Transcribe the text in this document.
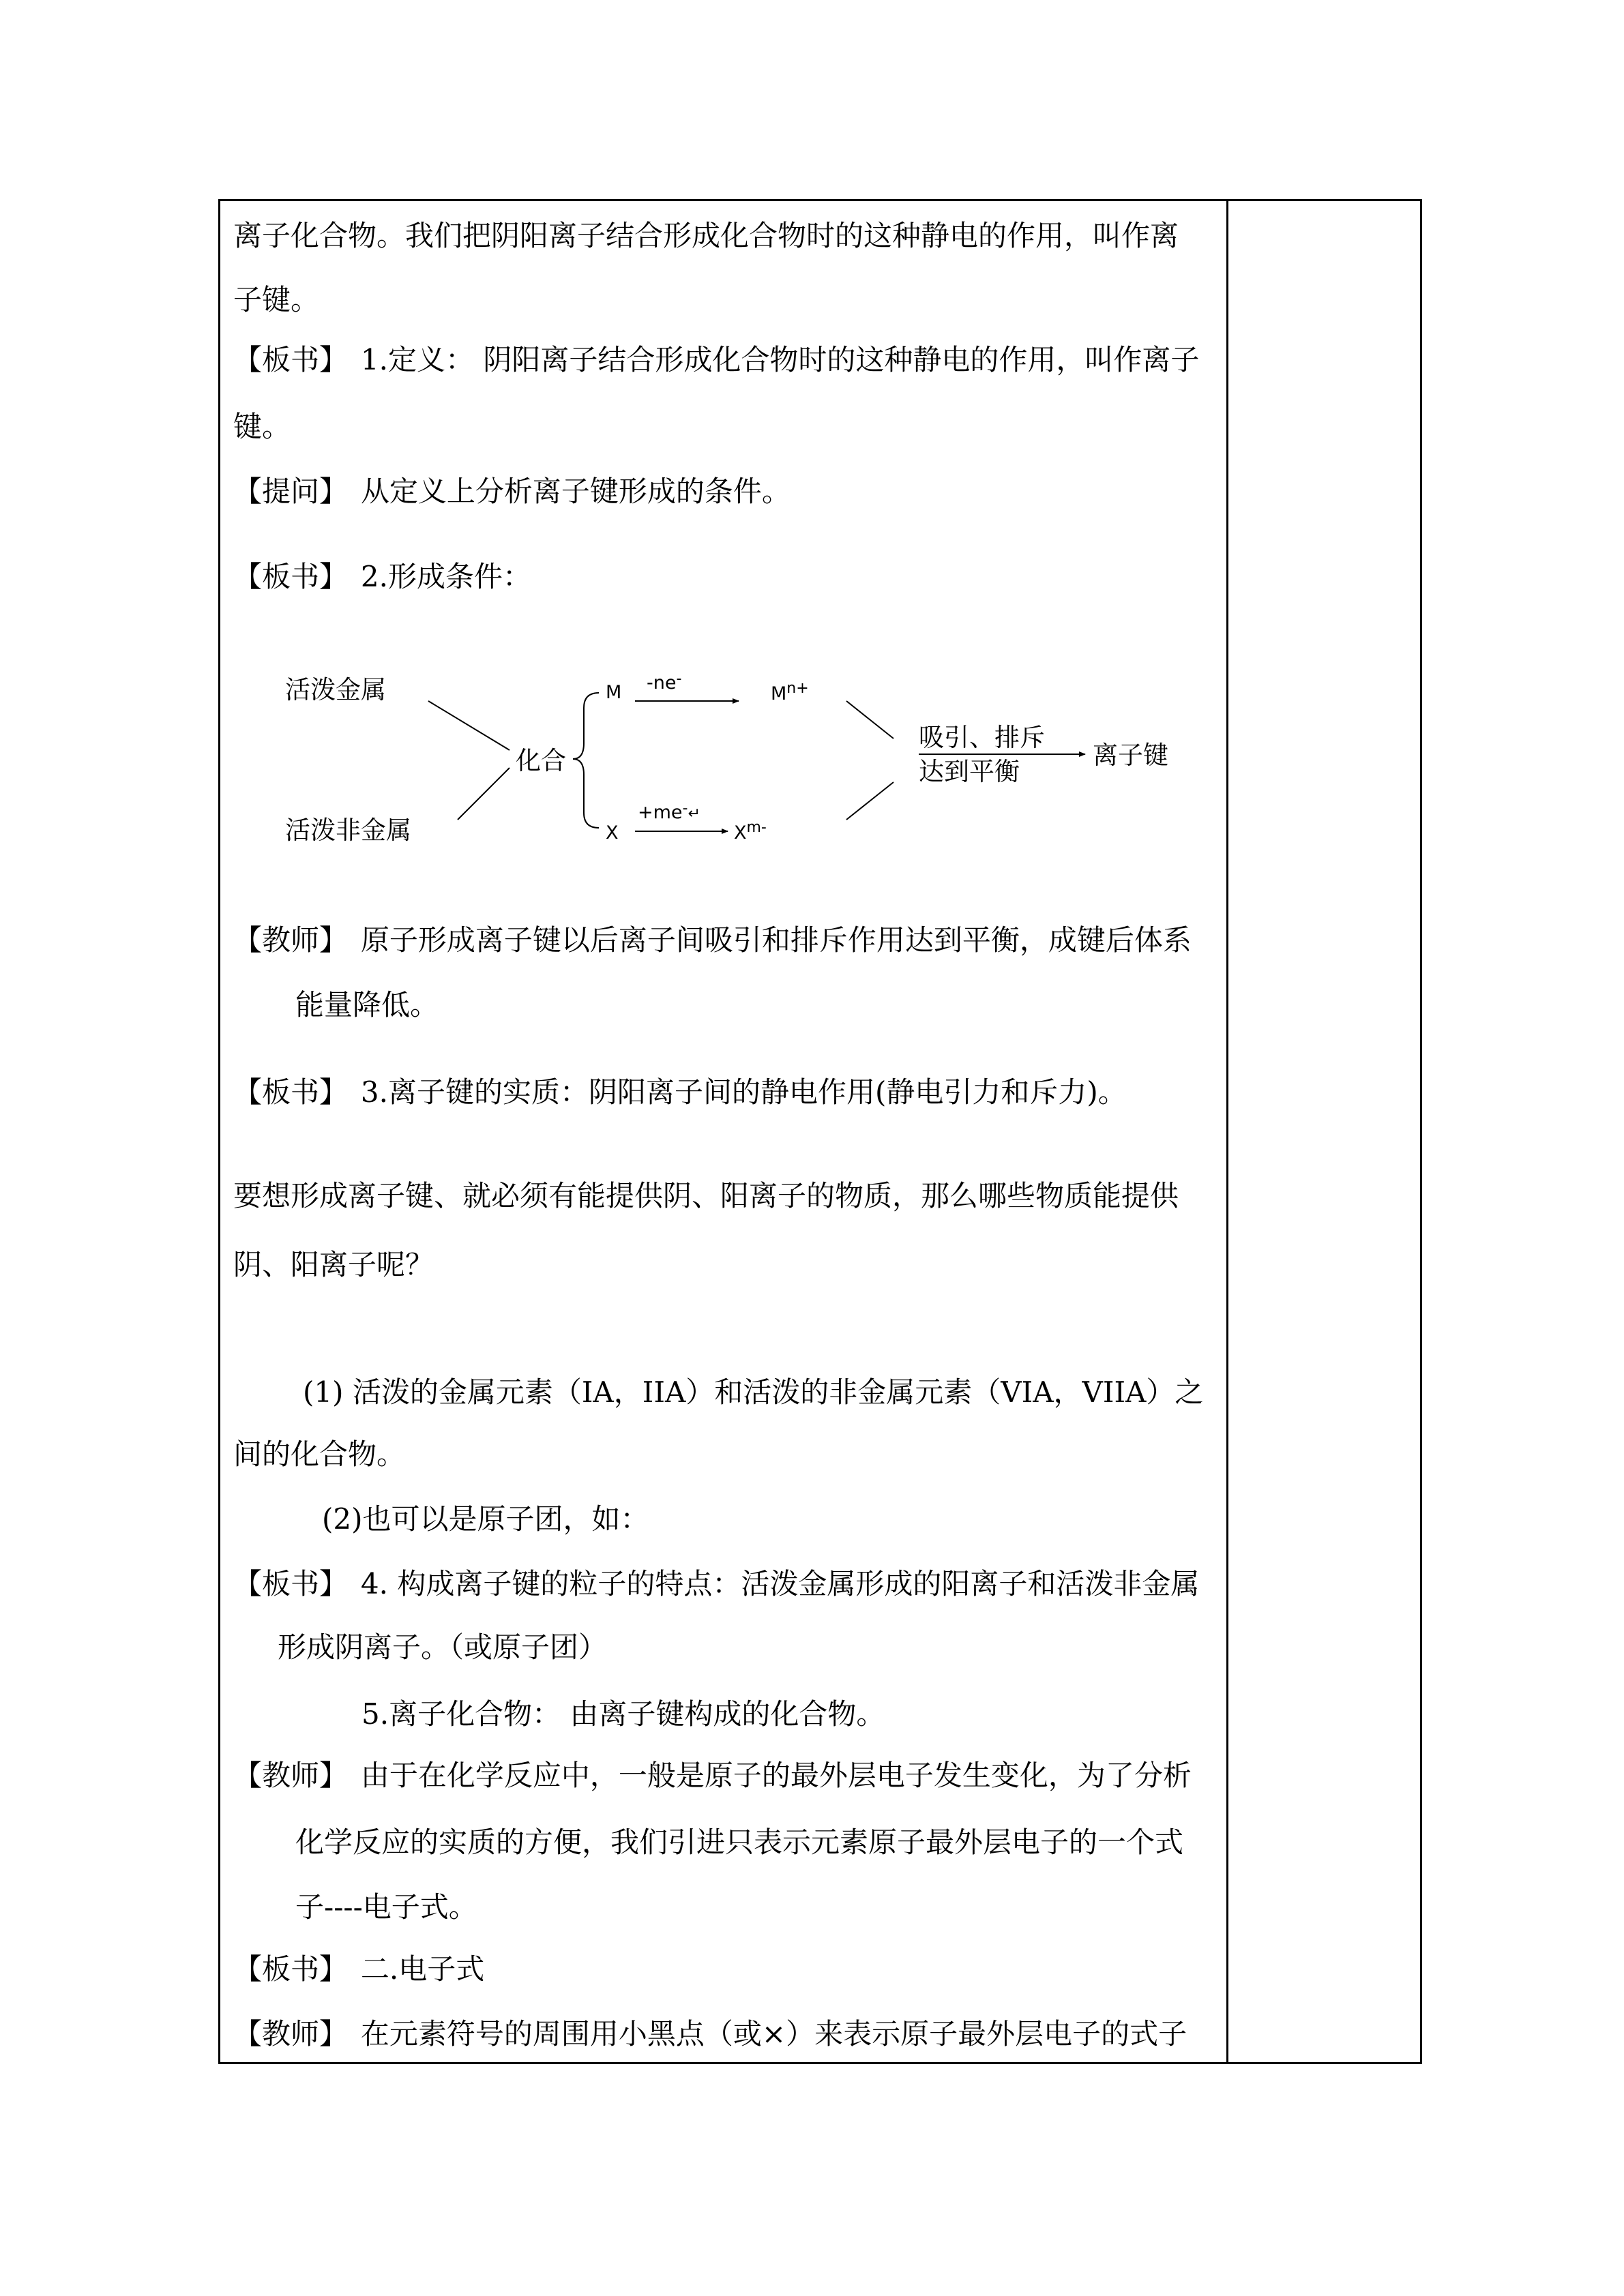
离子化合物。我们把阴阳离子结合形成化合物时的这种静电的作用，叫作离
子键。
【板书】 1.定义： 阴阳离子结合形成化合物时的这种静电的作用，叫作离子
键。
【提问】 从定义上分析离子键形成的条件。
【板书】 2.形成条件：
活泼金属
活泼非金属
化合
M -ne-
$M^{n+}$
X
$+me^-_↵$
$X^{m-}$
吸引、排斥
达到平衡
离子键
【教师】 原子形成离子键以后离子间吸引和排斥作用达到平衡，成键后体系
能量降低。
【板书】 3.离子键的实质：阴阳离子间的静电作用(静电引力和斥力)。
要想形成离子键、就必须有能提供阴、阳离子的物质，那么哪些物质能提供
阴、阳离子呢？
(1) 活泼的金属元素（IA，IIA）和活泼的非金属元素（VIA，VIIA）之
间的化合物。
(2)也可以是原子团，如：
【板书】 4. 构成离子键的粒子的特点：活泼金属形成的阳离子和活泼非金属
形成阴离子。（或原子团）
5.离子化合物： 由离子键构成的化合物。
【教师】 由于在化学反应中，一般是原子的最外层电子发生变化，为了分析
化学反应的实质的方便，我们引进只表示元素原子最外层电子的一个式
子----电子式。
【板书】 二.电子式
【教师】 在元素符号的周围用小黑点（或×）来表示原子最外层电子的式子
